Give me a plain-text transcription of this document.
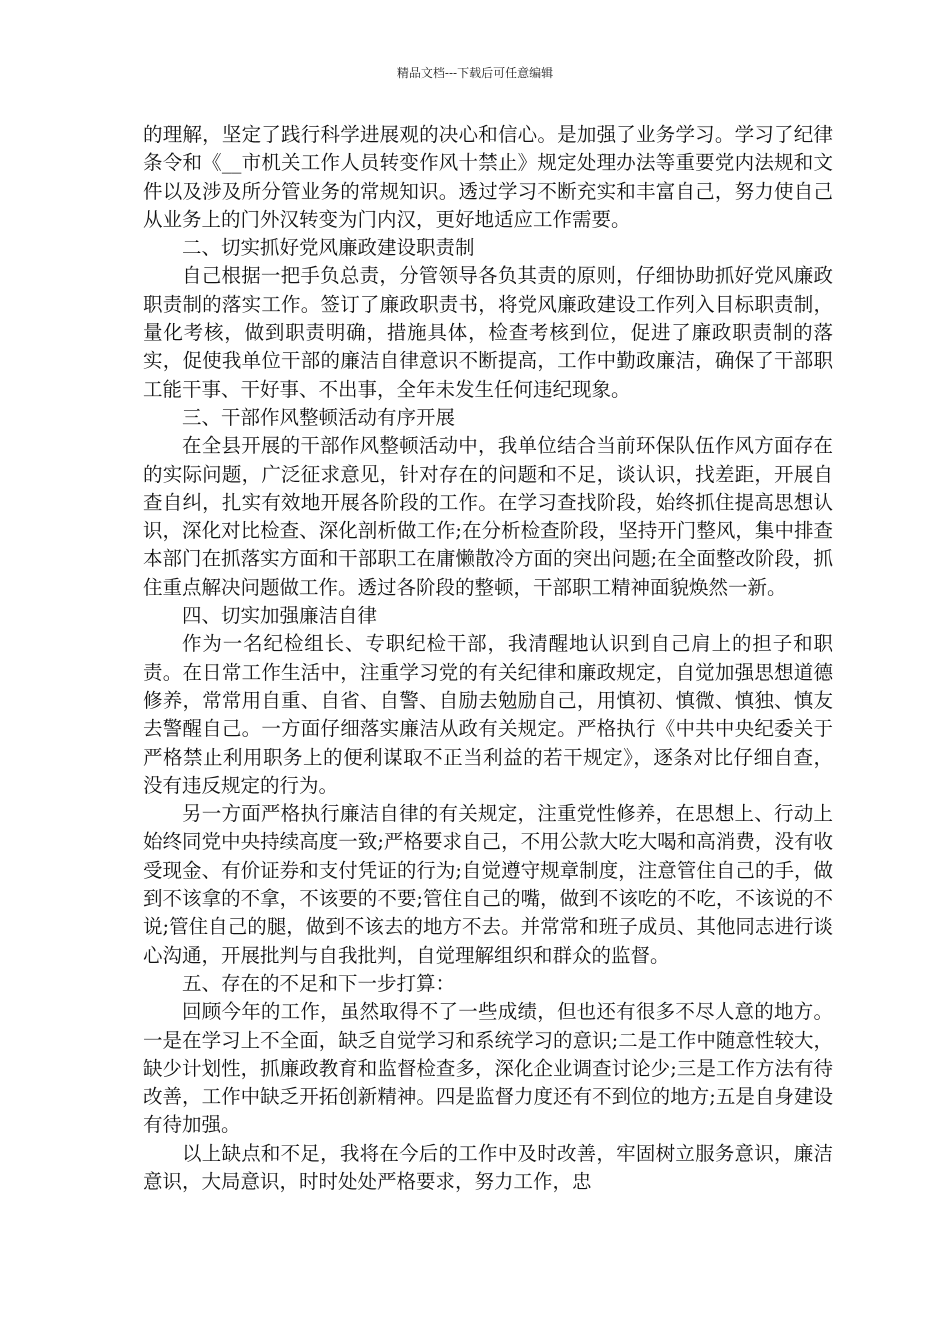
精品文档---下载后可任意编辑

的理解，坚定了践行科学进展观的决心和信心。是加强了业务学习。学习了纪律条令和《__市机关工作人员转变作风十禁止》规定处理办法等重要党内法规和文件以及涉及所分管业务的常规知识。透过学习不断充实和丰富自己，努力使自己从业务上的门外汉转变为门内汉，更好地适应工作需要。

二、切实抓好党风廉政建设职责制

自己根据一把手负总责，分管领导各负其责的原则，仔细协助抓好党风廉政职责制的落实工作。签订了廉政职责书，将党风廉政建设工作列入目标职责制，量化考核，做到职责明确，措施具体，检查考核到位，促进了廉政职责制的落实，促使我单位干部的廉洁自律意识不断提高，工作中勤政廉洁，确保了干部职工能干事、干好事、不出事，全年未发生任何违纪现象。

三、干部作风整顿活动有序开展

在全县开展的干部作风整顿活动中，我单位结合当前环保队伍作风方面存在的实际问题，广泛征求意见，针对存在的问题和不足，谈认识，找差距，开展自查自纠，扎实有效地开展各阶段的工作。在学习查找阶段，始终抓住提高思想认识，深化对比检查、深化剖析做工作;在分析检查阶段，坚持开门整风，集中排查本部门在抓落实方面和干部职工在庸懒散冷方面的突出问题;在全面整改阶段，抓住重点解决问题做工作。透过各阶段的整顿，干部职工精神面貌焕然一新。

四、切实加强廉洁自律

作为一名纪检组长、专职纪检干部，我清醒地认识到自己肩上的担子和职责。在日常工作生活中，注重学习党的有关纪律和廉政规定，自觉加强思想道德修养，常常用自重、自省、自警、自励去勉励自己，用慎初、慎微、慎独、慎友去警醒自己。一方面仔细落实廉洁从政有关规定。严格执行《中共中央纪委关于严格禁止利用职务上的便利谋取不正当利益的若干规定》，逐条对比仔细自查，没有违反规定的行为。

另一方面严格执行廉洁自律的有关规定，注重党性修养，在思想上、行动上始终同党中央持续高度一致;严格要求自己，不用公款大吃大喝和高消费，没有收受现金、有价证券和支付凭证的行为;自觉遵守规章制度，注意管住自己的手，做到不该拿的不拿，不该要的不要;管住自己的嘴，做到不该吃的不吃，不该说的不说;管住自己的腿，做到不该去的地方不去。并常常和班子成员、其他同志进行谈心沟通，开展批判与自我批判，自觉理解组织和群众的监督。

五、存在的不足和下一步打算：

回顾今年的工作，虽然取得不了一些成绩，但也还有很多不尽人意的地方。一是在学习上不全面，缺乏自觉学习和系统学习的意识;二是工作中随意性较大，缺少计划性，抓廉政教育和监督检查多，深化企业调查讨论少;三是工作方法有待改善，工作中缺乏开拓创新精神。四是监督力度还有不到位的地方;五是自身建设有待加强。

以上缺点和不足，我将在今后的工作中及时改善，牢固树立服务意识，廉洁意识，大局意识，时时处处严格要求，努力工作，忠
